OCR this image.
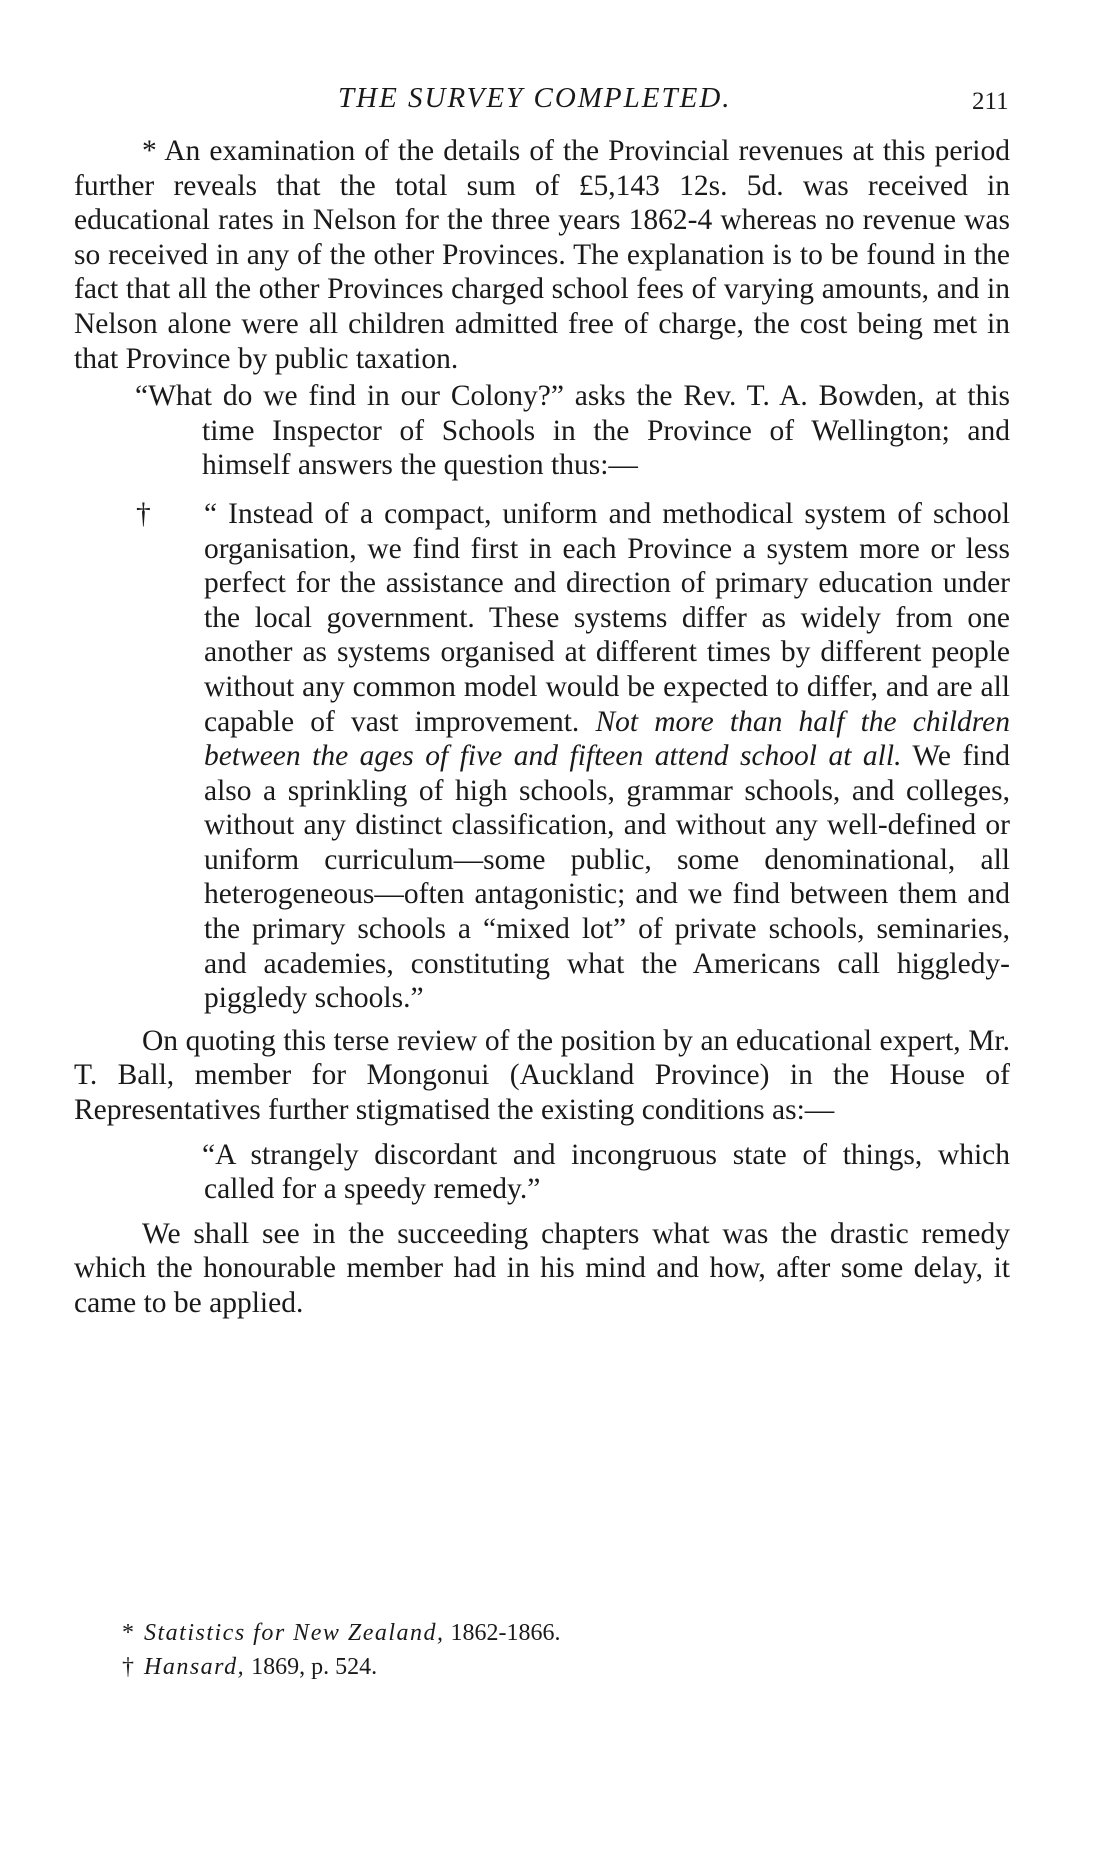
THE SURVEY COMPLETED.	211

* An examination of the details of the Provincial revenues at this period further reveals that the total sum of £5,143 12s. 5d. was received in educational rates in Nelson for the three years 1862-4 whereas no revenue was so received in any of the other Provinces. The explanation is to be found in the fact that all the other Provinces charged school fees of varying amounts, and in Nelson alone were all children admitted free of charge, the cost being met in that Province by public taxation.

“What do we find in our Colony?” asks the Rev. T. A. Bowden, at this time Inspector of Schools in the Province of Wellington; and himself answers the question thus:—

† “ Instead of a compact, uniform and methodical system of school organisation, we find first in each Province a system more or less perfect for the assistance and direction of primary education under the local government. These systems differ as widely from one another as systems organised at different times by different people without any common model would be expected to differ, and are all capable of vast improvement. Not more than half the children between the ages of five and fifteen attend school at all. We find also a sprinkling of high schools, grammar schools, and colleges, without any distinct classification, and without any well-defined or uniform curriculum—some public, some denominational, all heterogeneous—often antagonistic; and we find between them and the primary schools a “mixed lot” of private schools, seminaries, and academies, constituting what the Americans call higgledy-piggledy schools.”

On quoting this terse review of the position by an educational expert, Mr. T. Ball, member for Mongonui (Auckland Province) in the House of Representatives further stigmatised the existing conditions as:—

“A strangely discordant and incongruous state of things, which called for a speedy remedy.”

We shall see in the succeeding chapters what was the drastic remedy which the honourable member had in his mind and how, after some delay, it came to be applied.

* Statistics for New Zealand, 1862-1866.
† Hansard, 1869, p. 524.
